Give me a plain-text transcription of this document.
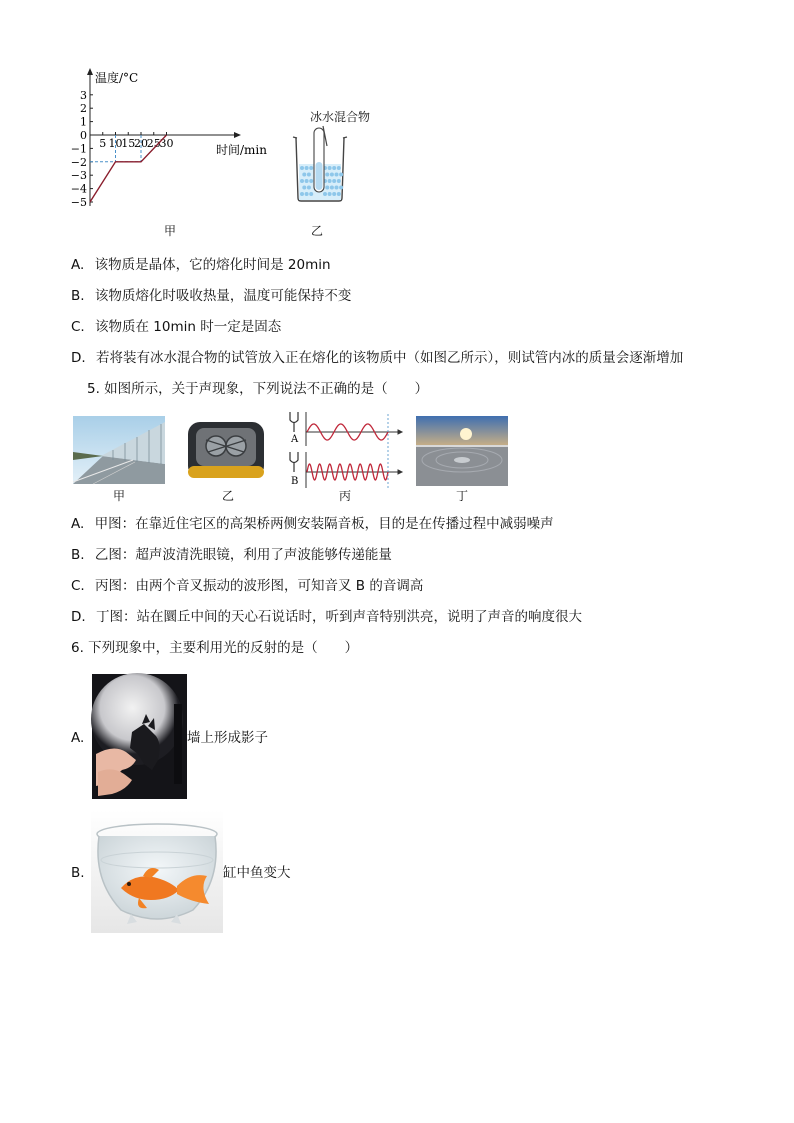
3
2
1
0
−1
−2
−3
−4
−5
5 10
15
20
25
30
温度/°C
时间/min
甲
冰水混合物
乙
A. 该物质是晶体，它的熔化时间是 20min
B. 该物质熔化时吸收热量，温度可能保持不变
C. 该物质在 10min 时一定是固态
D. 若将装有冰水混合物的试管放入正在熔化的该物质中（如图乙所示），则试管内冰的质量会逐渐增加
5. 如图所示，关于声现象，下列说法不正确的是（　　）
甲	乙
A
B
丙	丁
A. 甲图：在靠近住宅区的高架桥两侧安装隔音板，目的是在传播过程中减弱噪声
B. 乙图：超声波清洗眼镜，利用了声波能够传递能量
C. 丙图：由两个音叉振动的波形图，可知音叉 B 的音调高
D. 丁图：站在圜丘中间的天心石说话时，听到声音特别洪亮，说明了声音的响度很大
6. 下列现象中，主要利用光的反射的是（　　）
A.	墙上形成影子
B.	缸中鱼变大
